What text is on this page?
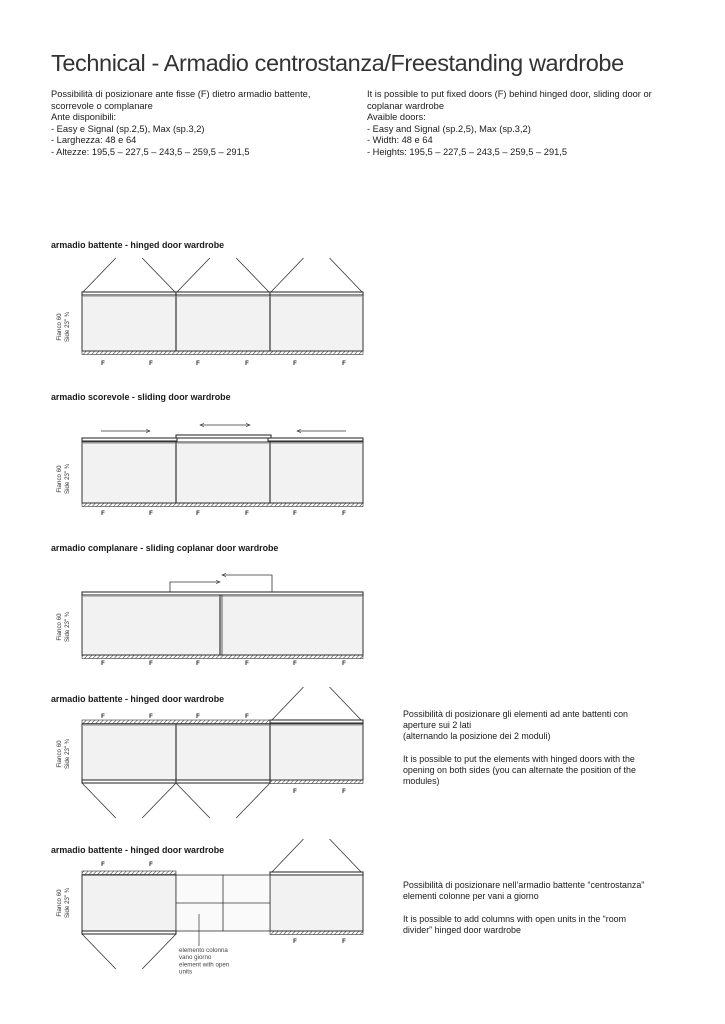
Technical - Armadio centrostanza/Freestanding wardrobe
Possibilità di posizionare ante fisse (F) dietro armadio battente,
scorrevole o complanare
Ante disponibili:
- Easy e Signal (sp.2,5), Max (sp.3,2)
- Larghezza: 48 e 64
- Altezze: 195,5 – 227,5 – 243,5 – 259,5 – 291,5
It is possible to put fixed doors (F) behind hinged door, sliding door or
coplanar wardrobe
Avaible doors:
- Easy and Signal (sp.2,5), Max (sp.3,2)
- Width: 48 e 64
- Heights: 195,5 – 227,5 – 243,5 – 259,5 – 291,5
armadio battente - hinged door wardrobe
armadio scorevole - sliding door wardrobe
armadio complanare - sliding coplanar door wardrobe
armadio battente - hinged door wardrobe
armadio battente - hinged door wardrobe
Possibilità di posizionare gli elementi ad ante battenti con
aperture sui 2 lati
(alternando la posizione dei 2 moduli)
It is possible to put the elements with hinged doors with the
opening on both sides (you can alternate the position of the
modules)
Possibilità di posizionare nell’armadio battente “centrostanza”
elementi colonne per vani a giorno
It is possible to add columns with open units in the “room
divider” hinged door wardrobe
F	F	F	F	F	F
Fianco 60 Side 23" ¾
F	F	F	F	F	F
Fianco 60 Side 23" ¾
F	F	F	F	F	F
Fianco 60 Side 23" ¾
F	F	F	F
F	F
Fianco 60 Side 23" ¾
F	F
F	F
elemento colonna
vano giorno
element with open
units
Fianco 60 Side 23" ¾
